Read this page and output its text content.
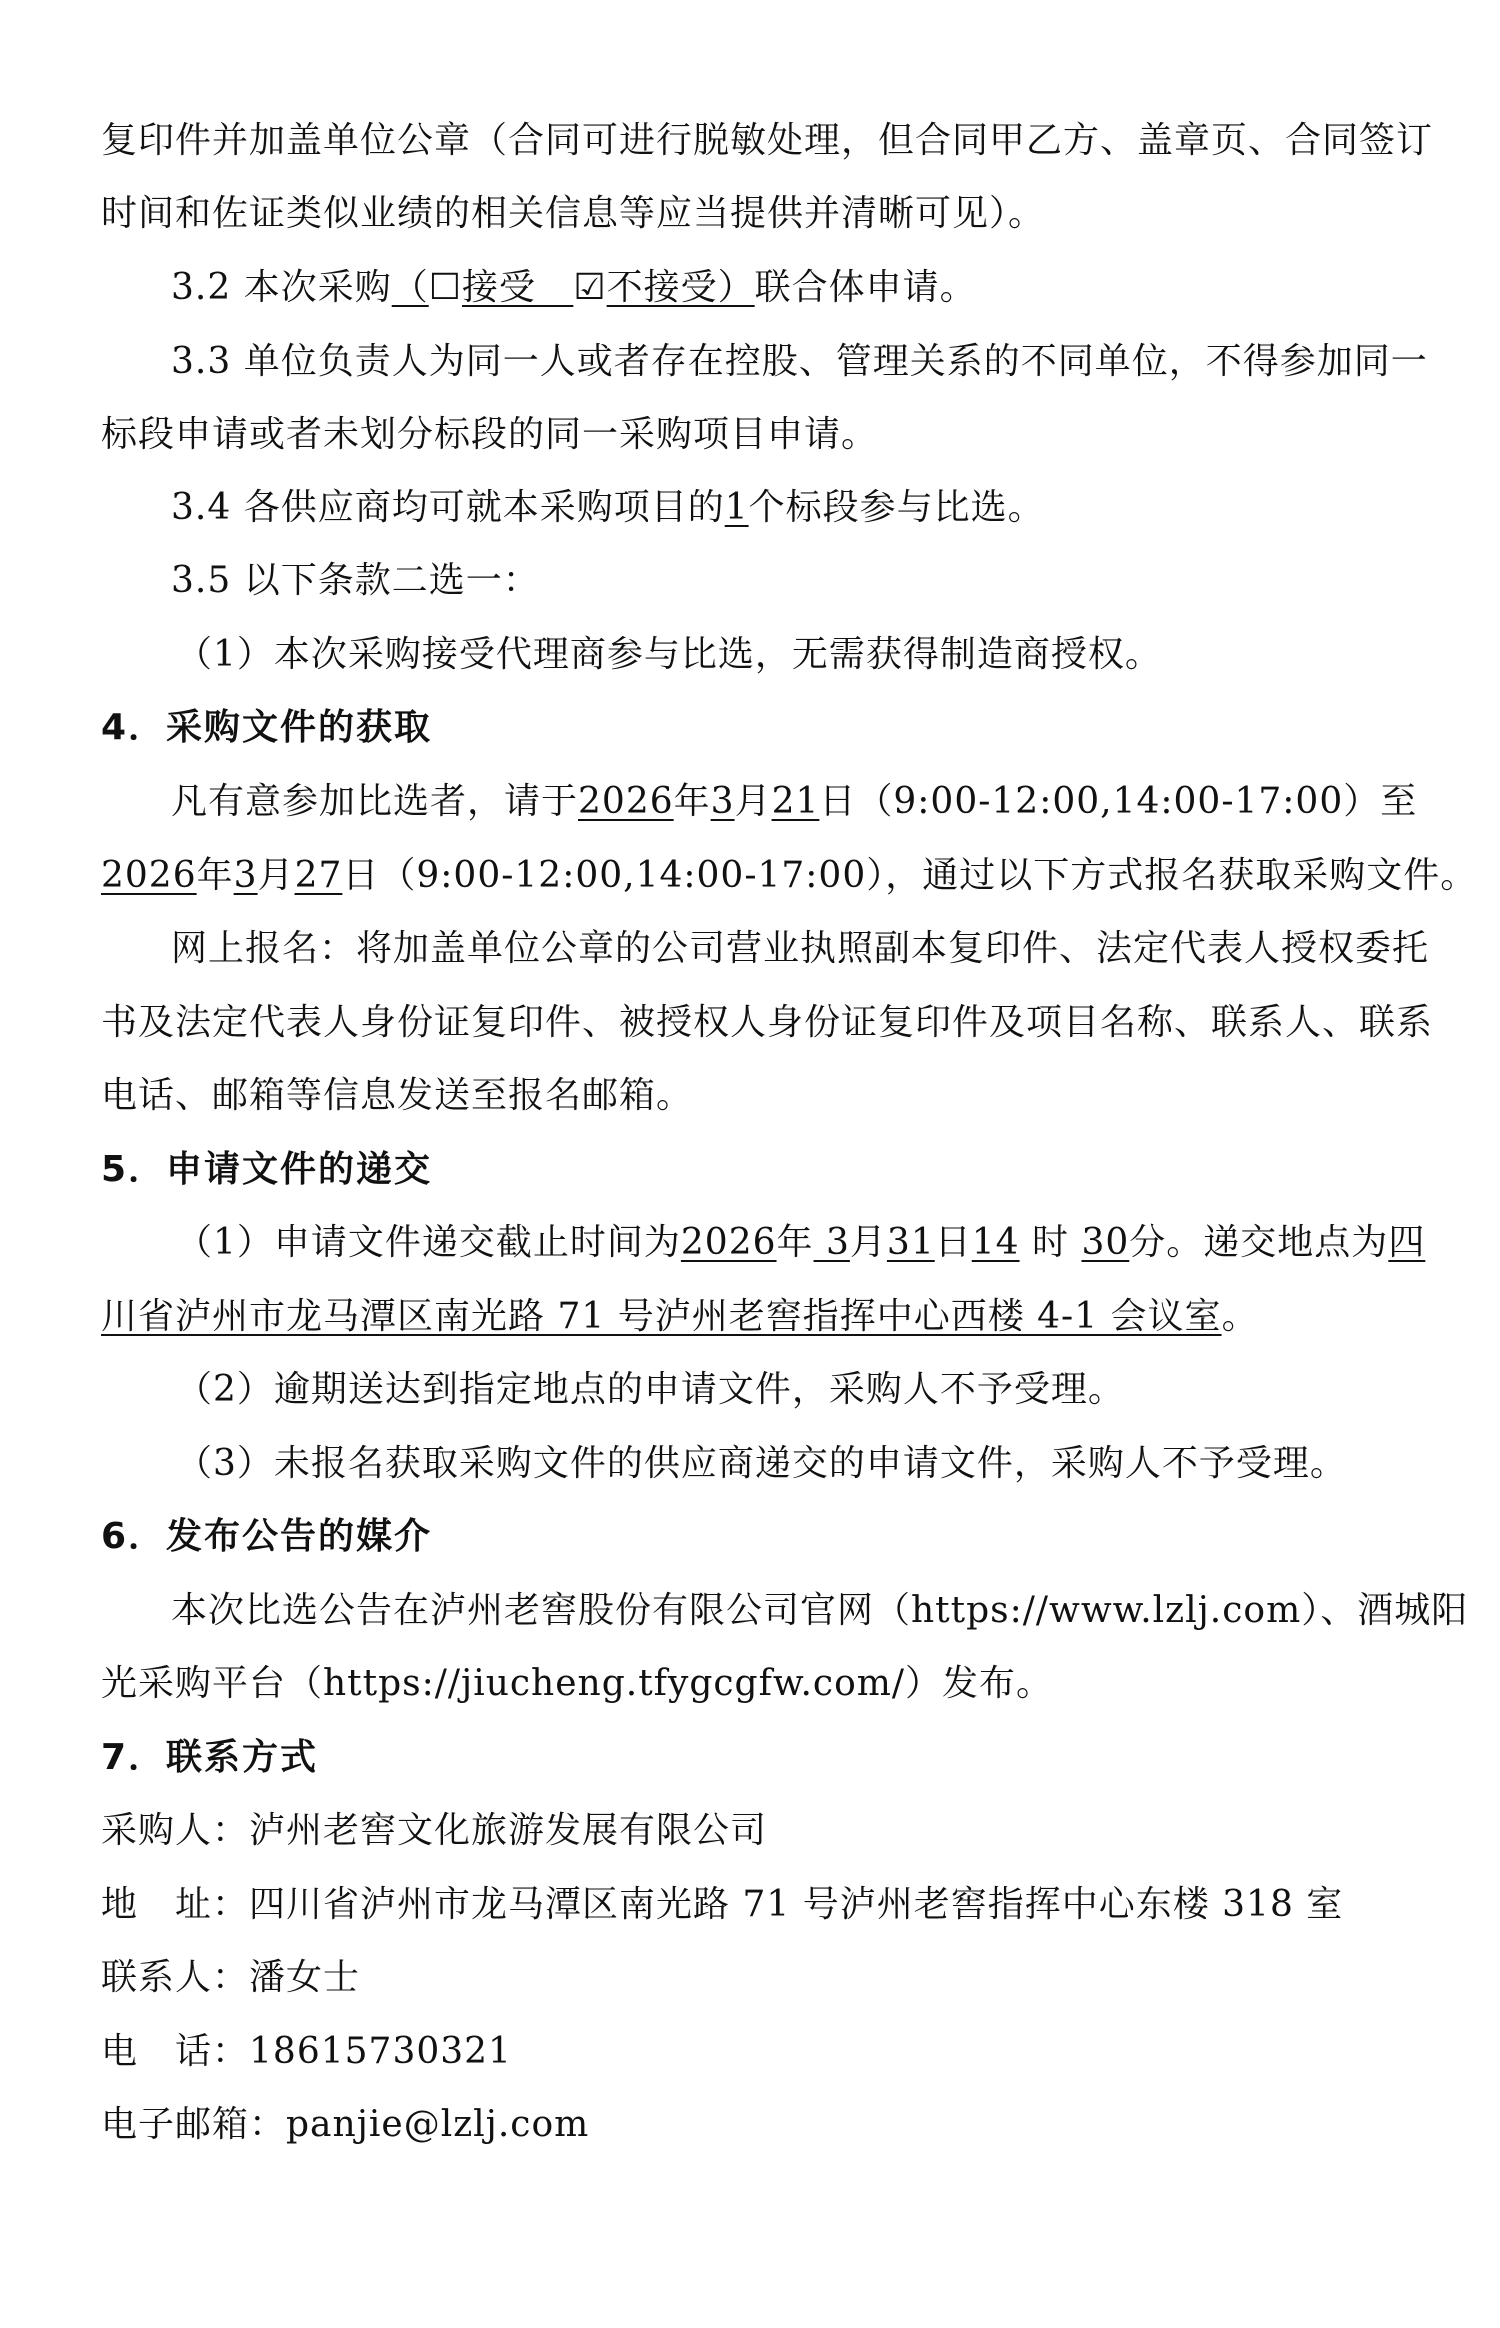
复印件并加盖单位公章（合同可进行脱敏处理，但合同甲乙方、盖章页、合同签订
时间和佐证类似业绩的相关信息等应当提供并清晰可见）。
3.2 本次采购（☐接受 ☑不接受）联合体申请。
3.3 单位负责人为同一人或者存在控股、管理关系的不同单位，不得参加同一
标段申请或者未划分标段的同一采购项目申请。
3.4 各供应商均可就本采购项目的1个标段参与比选。
3.5 以下条款二选一：
（1）本次采购接受代理商参与比选，无需获得制造商授权。
4．采购文件的获取
凡有意参加比选者，请于2026年3月21日（9:00-12:00,14:00-17:00）至
2026年3月27日（9:00-12:00,14:00-17:00），通过以下方式报名获取采购文件。
网上报名：将加盖单位公章的公司营业执照副本复印件、法定代表人授权委托
书及法定代表人身份证复印件、被授权人身份证复印件及项目名称、联系人、联系
电话、邮箱等信息发送至报名邮箱。
5．申请文件的递交
（1）申请文件递交截止时间为2026年 3月31日14 时 30分。递交地点为四
川省泸州市龙马潭区南光路 71 号泸州老窖指挥中心西楼 4-1 会议室。
（2）逾期送达到指定地点的申请文件，采购人不予受理。
（3）未报名获取采购文件的供应商递交的申请文件，采购人不予受理。
6．发布公告的媒介
本次比选公告在泸州老窖股份有限公司官网（https://www.lzlj.com）、酒城阳
光采购平台（https://jiucheng.tfygcgfw.com/）发布。
7．联系方式
采购人：泸州老窖文化旅游发展有限公司
地　址：四川省泸州市龙马潭区南光路 71 号泸州老窖指挥中心东楼 318 室
联系人：潘女士
电　话：18615730321
电子邮箱：panjie@lzlj.com
